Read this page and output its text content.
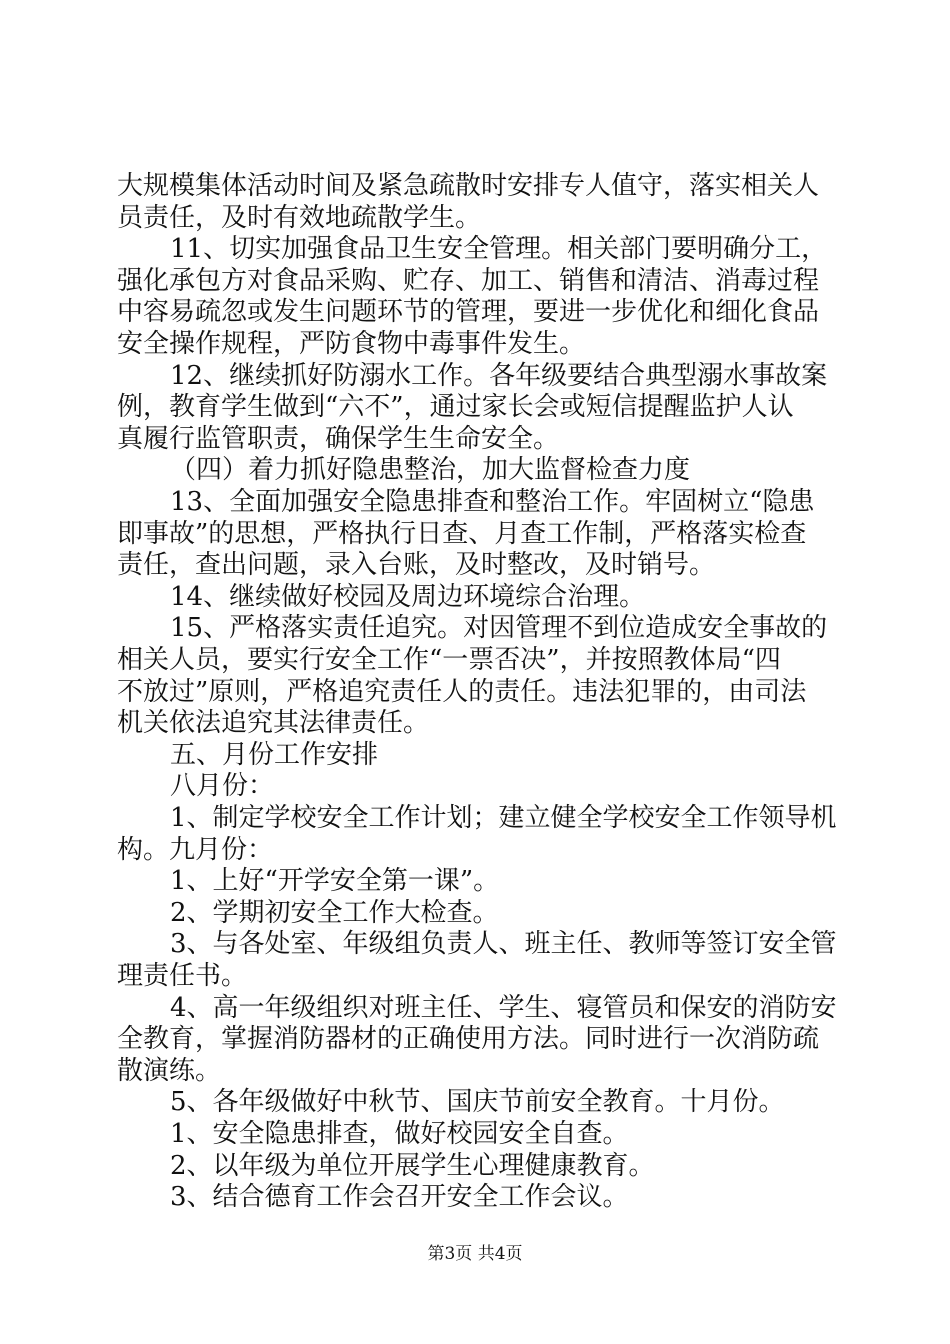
大规模集体活动时间及紧急疏散时安排专人值守，落实相关人

员责任，及时有效地疏散学生。

11、切实加强食品卫生安全管理。相关部门要明确分工，

强化承包方对食品采购、贮存、加工、销售和清洁、消毒过程

中容易疏忽或发生问题环节的管理，要进一步优化和细化食品

安全操作规程，严防食物中毒事件发生。

12、继续抓好防溺水工作。各年级要结合典型溺水事故案

例，教育学生做到“六不”，通过家长会或短信提醒监护人认

真履行监管职责，确保学生生命安全。

（四）着力抓好隐患整治，加大监督检查力度

13、全面加强安全隐患排查和整治工作。牢固树立“隐患

即事故”的思想，严格执行日查、月查工作制，严格落实检查

责任，查出问题，录入台账，及时整改，及时销号。

14、继续做好校园及周边环境综合治理。

15、严格落实责任追究。对因管理不到位造成安全事故的

相关人员，要实行安全工作“一票否决”，并按照教体局“四

不放过”原则，严格追究责任人的责任。违法犯罪的，由司法

机关依法追究其法律责任。

五、月份工作安排

八月份：

1、制定学校安全工作计划；建立健全学校安全工作领导机

构。九月份：

1、上好“开学安全第一课”。

2、学期初安全工作大检查。

3、与各处室、年级组负责人、班主任、教师等签订安全管

理责任书。

4、高一年级组织对班主任、学生、寝管员和保安的消防安

全教育，掌握消防器材的正确使用方法。同时进行一次消防疏

散演练。

5、各年级做好中秋节、国庆节前安全教育。十月份。

1、安全隐患排查，做好校园安全自查。

2、以年级为单位开展学生心理健康教育。

3、结合德育工作会召开安全工作会议。

第3页 共4页
